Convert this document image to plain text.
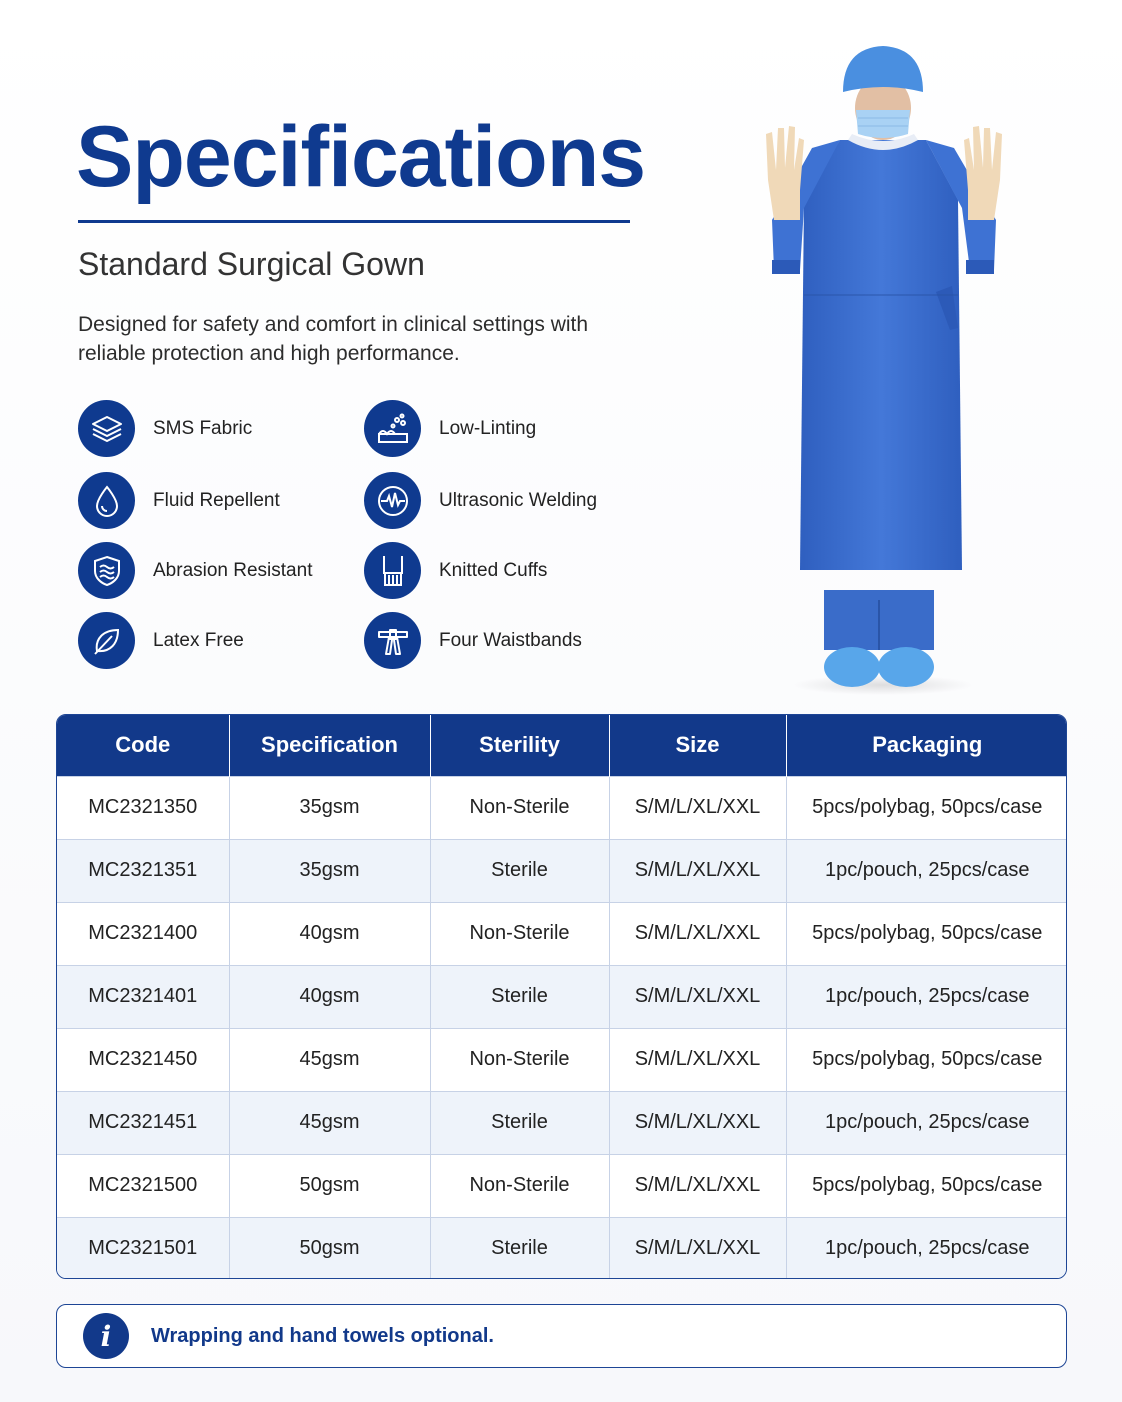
Specifications
Standard Surgical Gown

Designed for safety and comfort in clinical settings with reliable protection and high performance.

SMS Fabric
Fluid Repellent
Abrasion Resistant
Latex Free
Low-Linting
Ultrasonic Welding
Knitted Cuffs
Four Waistbands
Code	Specification	Sterility	Size	Packaging
MC2321350	35gsm	Non-Sterile	S/M/L/XL/XXL	5pcs/polybag, 50pcs/case
MC2321351	35gsm	Sterile	S/M/L/XL/XXL	1pc/pouch, 25pcs/case
MC2321400	40gsm	Non-Sterile	S/M/L/XL/XXL	5pcs/polybag, 50pcs/case
MC2321401	40gsm	Sterile	S/M/L/XL/XXL	1pc/pouch, 25pcs/case
MC2321450	45gsm	Non-Sterile	S/M/L/XL/XXL	5pcs/polybag, 50pcs/case
MC2321451	45gsm	Sterile	S/M/L/XL/XXL	1pc/pouch, 25pcs/case
MC2321500	50gsm	Non-Sterile	S/M/L/XL/XXL	5pcs/polybag, 50pcs/case
MC2321501	50gsm	Sterile	S/M/L/XL/XXL	1pc/pouch, 25pcs/case
i	Wrapping and hand towels optional.
